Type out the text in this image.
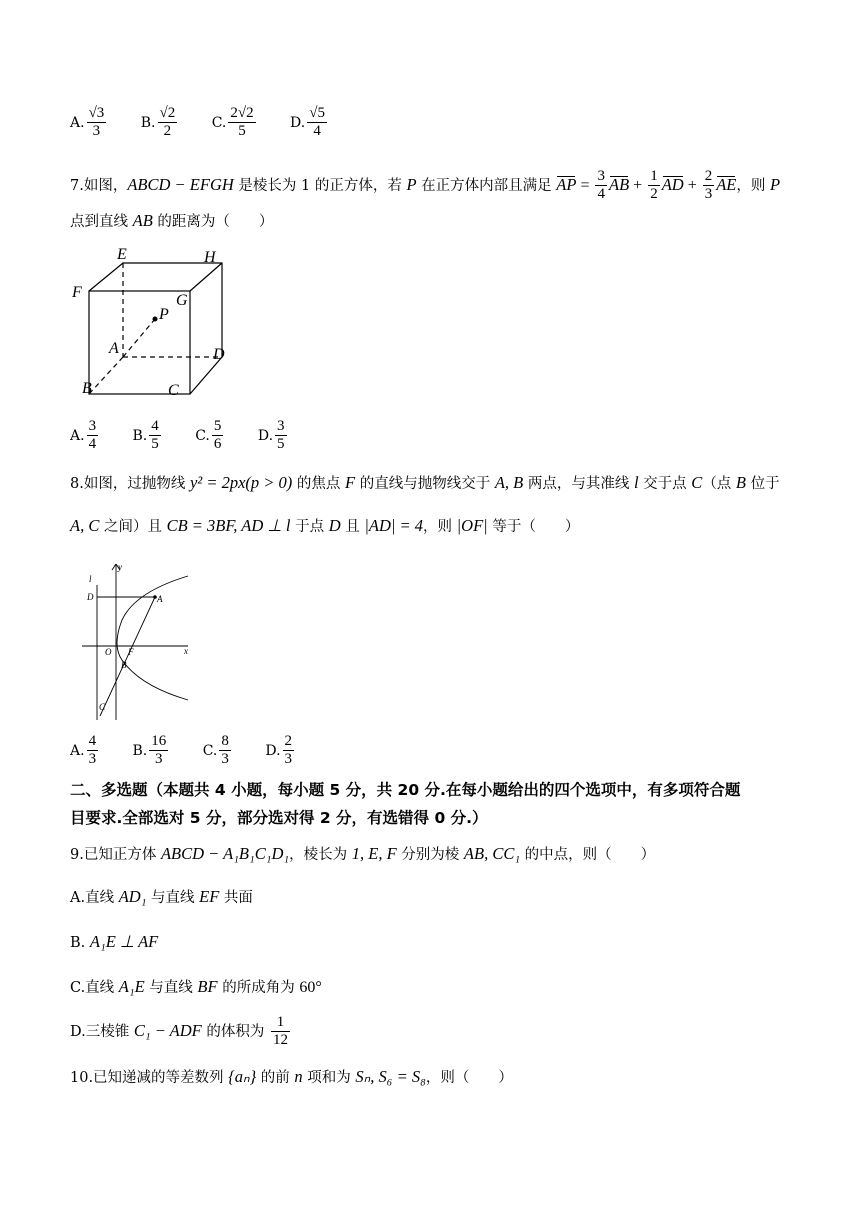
A. $\frac{√3}{3} B$. $\frac{√2}{2} C$. $\frac{2√2}{5} D$. $\frac{√5}{4}$
7.如图，ABCD − EFGH 是棱长为 1 的正方体，若 P 在正方体内部且满足 AP = $\frac{3}{4}$ AB + $\frac{1}{2}$ AD + $\frac{2}{3}$ AE，则 P
点到直线 AB 的距离为（　　）
E	H
F	G
P
A	D
B	C
A. $\frac{3}{4} B$. $\frac{4}{5} C$. $\frac{5}{6} D$. $\frac{3}{5}$
8.如图，过抛物线 y² = 2px(p > 0) 的焦点 F 的直线与抛物线交于 A, B 两点，与其准线 l 交于点 C（点 B 位于
A, C 之间）且 CB = 3BF, AD ⊥ l 于点 D 且 |AD| = 4，则 |OF| 等于（　　）
l
y
D	A
O F	x
B
C
A. $\frac{4}{3} B$. $\frac{16}{3} C$. $\frac{8}{3} D$. $\frac{2}{3}$
二、多选题（本题共 4 小题，每小题 5 分，共 20 分.在每小题给出的四个选项中，有多项符合题
目要求.全部选对 5 分，部分选对得 2 分，有选错得 0 分.）
9.已知正方体 ABCD − A₁B₁C₁D₁，棱长为 1, E, F 分别为棱 AB, CC₁ 的中点，则（　　）
A.直线 AD₁ 与直线 EF 共面
B. A₁E ⊥ AF
C.直线 A₁E 与直线 BF 的所成角为 60°
D.三棱锥 C₁ − ADF 的体积为 $\frac{1}{12}$
10.已知递减的等差数列 {aₙ} 的前 n 项和为 Sₙ, S₆ = S₈，则（　　）
